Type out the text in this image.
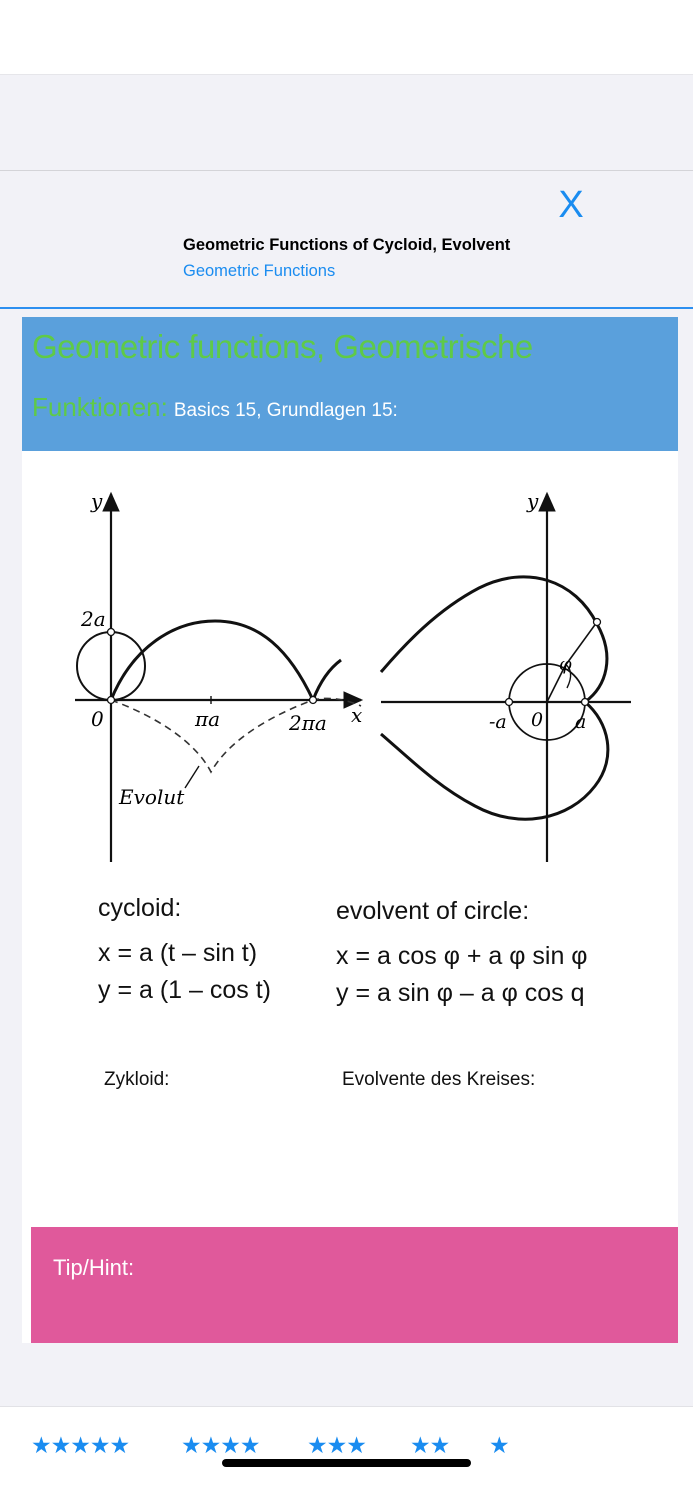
X
Geometric Functions of Cycloid, Evolvent
Geometric Functions
Geometric functions, Geometrische
Funktionen: Basics 15, Grundlagen 15:
y
x
2a
0	πa	2πa
Evolut
y
φ
-a 0 a
cycloid:
x = a (t – sin t)
y = a (1 – cos t)
evolvent of circle:
x = a cos φ + a φ sin φ
y = a sin φ – a φ cos q
Zykloid:	Evolvente des Kreises:
Tip/Hint:
★★★★★ ★★★★ ★★★ ★★ ★
